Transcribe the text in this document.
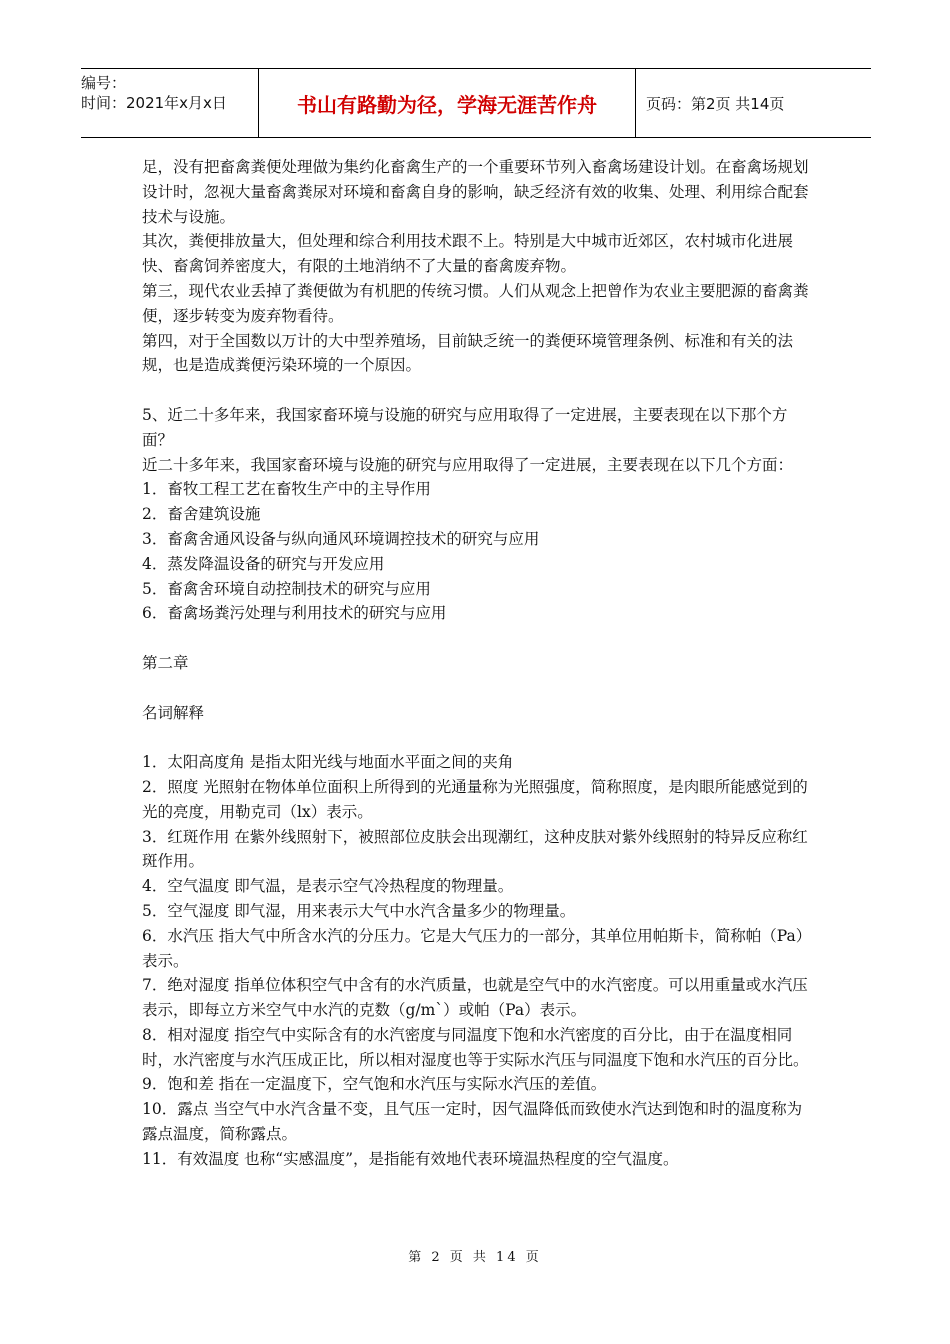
编号：
时间：2021年x月x日	书山有路勤为径，学海无涯苦作舟	页码：第2页 共14页

足，没有把畜禽粪便处理做为集约化畜禽生产的一个重要环节列入畜禽场建设计划。在畜禽场规划设计时，忽视大量畜禽粪尿对环境和畜禽自身的影响，缺乏经济有效的收集、处理、利用综合配套技术与设施。

其次，粪便排放量大，但处理和综合利用技术跟不上。特别是大中城市近郊区，农村城市化进展快、畜禽饲养密度大，有限的土地消纳不了大量的畜禽废弃物。

第三，现代农业丢掉了粪便做为有机肥的传统习惯。人们从观念上把曾作为农业主要肥源的畜禽粪便，逐步转变为废弃物看待。

第四，对于全国数以万计的大中型养殖场，目前缺乏统一的粪便环境管理条例、标准和有关的法规，也是造成粪便污染环境的一个原因。

5、近二十多年来，我国家畜环境与设施的研究与应用取得了一定进展，主要表现在以下那个方面？

近二十多年来，我国家畜环境与设施的研究与应用取得了一定进展，主要表现在以下几个方面：

1．畜牧工程工艺在畜牧生产中的主导作用

2．畜舍建筑设施

3．畜禽舍通风设备与纵向通风环境调控技术的研究与应用

4．蒸发降温设备的研究与开发应用

5．畜禽舍环境自动控制技术的研究与应用

6．畜禽场粪污处理与利用技术的研究与应用

第二章

名词解释

1．太阳高度角 是指太阳光线与地面水平面之间的夹角

2．照度 光照射在物体单位面积上所得到的光通量称为光照强度，简称照度，是肉眼所能感觉到的光的亮度，用勒克司（lx）表示。

3．红斑作用 在紫外线照射下，被照部位皮肤会出现潮红，这种皮肤对紫外线照射的特异反应称红斑作用。

4．空气温度 即气温，是表示空气冷热程度的物理量。

5．空气湿度 即气湿，用来表示大气中水汽含量多少的物理量。

6．水汽压 指大气中所含水汽的分压力。它是大气压力的一部分，其单位用帕斯卡，简称帕（Pa）表示。

7．绝对湿度 指单位体积空气中含有的水汽质量，也就是空气中的水汽密度。可以用重量或水汽压表示，即每立方米空气中水汽的克数（g/m`）或帕（Pa）表示。

8．相对湿度 指空气中实际含有的水汽密度与同温度下饱和水汽密度的百分比，由于在温度相同时，水汽密度与水汽压成正比，所以相对湿度也等于实际水汽压与同温度下饱和水汽压的百分比。

9．饱和差 指在一定温度下，空气饱和水汽压与实际水汽压的差值。

10．露点 当空气中水汽含量不变，且气压一定时，因气温降低而致使水汽达到饱和时的温度称为露点温度，简称露点。

11．有效温度 也称“实感温度”，是指能有效地代表环境温热程度的空气温度。

第 2 页 共 14 页
